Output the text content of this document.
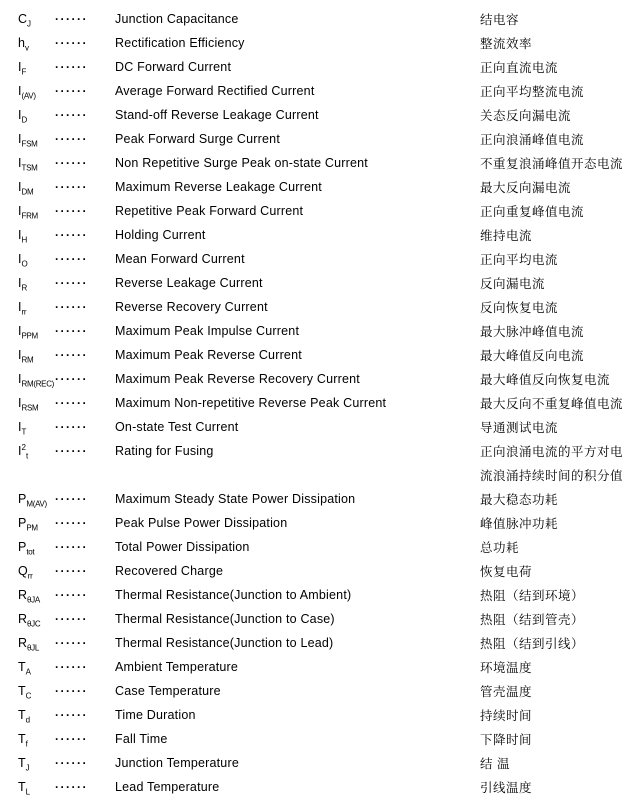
$C_J$	······	Junction Capacitance	结电容
$h_v$	······	Rectification Efficiency	整流效率
$I_F$	······	DC Forward Current	正向直流电流
$I_{(AV)}$	······	Average Forward Rectified Current	正向平均整流电流
$I_D$	······	Stand-off Reverse Leakage Current	关态反向漏电流
$I_{FSM}$	······	Peak Forward Surge Current	正向浪涌峰值电流
$I_{TSM}$	······	Non Repetitive Surge Peak on-state Current	不重复浪涌峰值开态电流
$I_{DM}$	······	Maximum Reverse Leakage Current	最大反向漏电流
$I_{FRM}$	······	Repetitive Peak Forward Current	正向重复峰值电流
$I_H$	······	Holding Current	维持电流
$I_O$	······	Mean Forward Current	正向平均电流
$I_R$	······	Reverse Leakage Current	反向漏电流
$I_{rr}$	······	Reverse Recovery Current	反向恢复电流
$I_{PPM}$	······	Maximum Peak Impulse Current	最大脉冲峰值电流
$I_{RM}$	······	Maximum Peak Reverse Current	最大峰值反向电流
$I_{RM(REC)}$ ······	Maximum Peak Reverse Recovery Current	最大峰值反向恢复电流
$I_{RSM}$	······	Maximum Non-repetitive Reverse Peak Current	最大反向不重复峰值电流
$I_T$	······	On-state Test Current	导通测试电流
$I^2_t$	······	Rating for Fusing	正向浪涌电流的平方对电
流浪涌持续时间的积分值
$P_{M(AV)}$ ······	Maximum Steady State Power Dissipation	最大稳态功耗
$P_{PM}$	······	Peak Pulse Power Dissipation	峰值脉冲功耗
$P_{tot}$	······	Total Power Dissipation	总功耗
$Q_{rr}$	······	Recovered Charge	恢复电荷
$R_{\theta JA}$	······	Thermal Resistance(Junction to Ambient)	热阻（结到环境）
$R_{\theta JC}$	······	Thermal Resistance(Junction to Case)	热阻（结到管壳）
$R_{\theta JL}$	······	Thermal Resistance(Junction to Lead)	热阻（结到引线）
$T_A$	······	Ambient Temperature	环境温度
$T_C$	······	Case Temperature	管壳温度
$T_d$	······	Time Duration	持续时间
$T_f$	······	Fall Time	下降时间
$T_J$	······	Junction Temperature	结 温
$T_L$	······	Lead Temperature	引线温度
